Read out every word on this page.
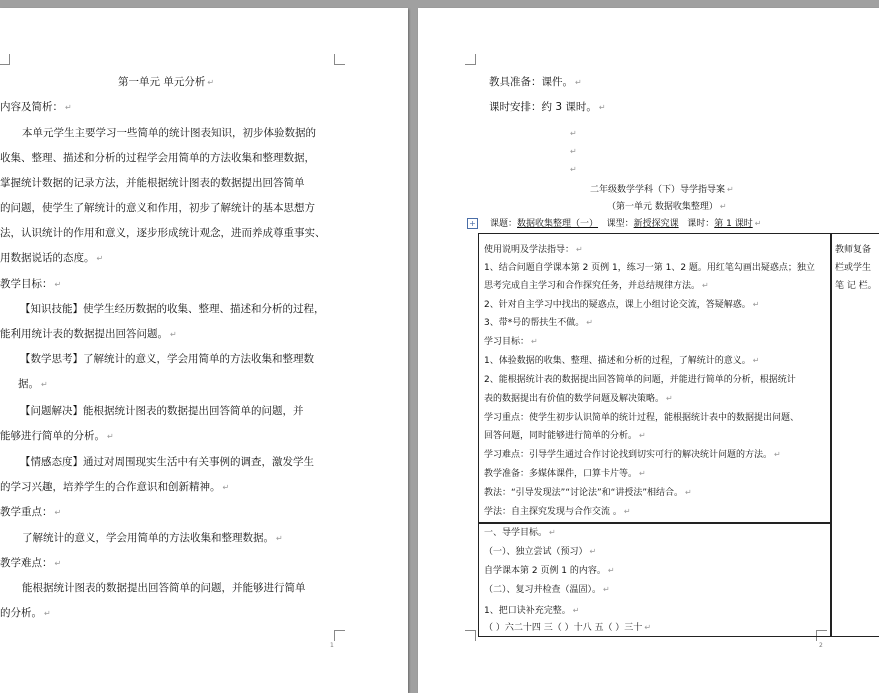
第一单元 单元分析 ↵
内容及简析： ↵
本单元学生主要学习一些简单的统计图表知识，初步体验数据的
收集、整理、描述和分析的过程学会用简单的方法收集和整理数据，
掌握统计数据的记录方法，并能根据统计图表的数据提出回答简单
的问题，使学生了解统计的意义和作用，初步了解统计的基本思想方
法，认识统计的作用和意义，逐步形成统计观念，进而养成尊重事实、
用数据说话的态度。 ↵
教学目标： ↵
【知识技能】使学生经历数据的收集、整理、描述和分析的过程，
能利用统计表的数据提出回答问题。 ↵
【数学思考】了解统计的意义，学会用简单的方法收集和整理数
据。 ↵
【问题解决】能根据统计图表的数据提出回答简单的问题，并
能够进行简单的分析。 ↵
【情感态度】通过对周围现实生活中有关事例的调查，激发学生
的学习兴趣，培养学生的合作意识和创新精神。 ↵
教学重点： ↵
了解统计的意义，学会用简单的方法收集和整理数据。 ↵
教学难点： ↵
能根据统计图表的数据提出回答简单的问题，并能够进行简单
的分析。 ↵
1
教具准备：课件。 ↵
课时安排：约 3 课时。 ↵
↵
↵
↵
二年级数学学科（下）导学指导案 ↵
（第一单元 数据收集整理） ↵
+ 课题：数据收集整理（一） 课型：新授探究课 课时：第 1 课时 ↵
使用说明及学法指导： ↵
1、结合问题自学课本第 2 页例 1，练习一第 1、2 题。用红笔勾画出疑惑点；独立
思考完成自主学习和合作探究任务，并总结规律方法。 ↵
2、针对自主学习中找出的疑惑点，课上小组讨论交流，答疑解惑。 ↵
3、带*号的帮扶生不做。 ↵
学习目标： ↵
1、体验数据的收集、整理、描述和分析的过程，了解统计的意义。 ↵
2、能根据统计表的数据提出回答简单的问题，并能进行简单的分析，根据统计
表的数据提出有价值的数学问题及解决策略。 ↵
学习重点：使学生初步认识简单的统计过程，能根据统计表中的数据提出问题、
回答问题，同时能够进行简单的分析。 ↵
学习难点：引导学生通过合作讨论找到切实可行的解决统计问题的方法。 ↵
教学准备：多媒体课件，口算卡片等。 ↵
教法：“引导发现法”“讨论法”和“讲授法”相结合。 ↵
学法：自主探究发现与合作交流 。 ↵
教师复备
栏或学生
笔 记 栏。
一、导学目标。 ↵
（一）、独立尝试（预习） ↵
自学课本第 2 页例 1 的内容。 ↵
（二）、复习并检查（温固）。 ↵
1、把口诀补充完整。 ↵
（ ）六二十四 三（ ）十八 五（ ）三十 ↵
2
